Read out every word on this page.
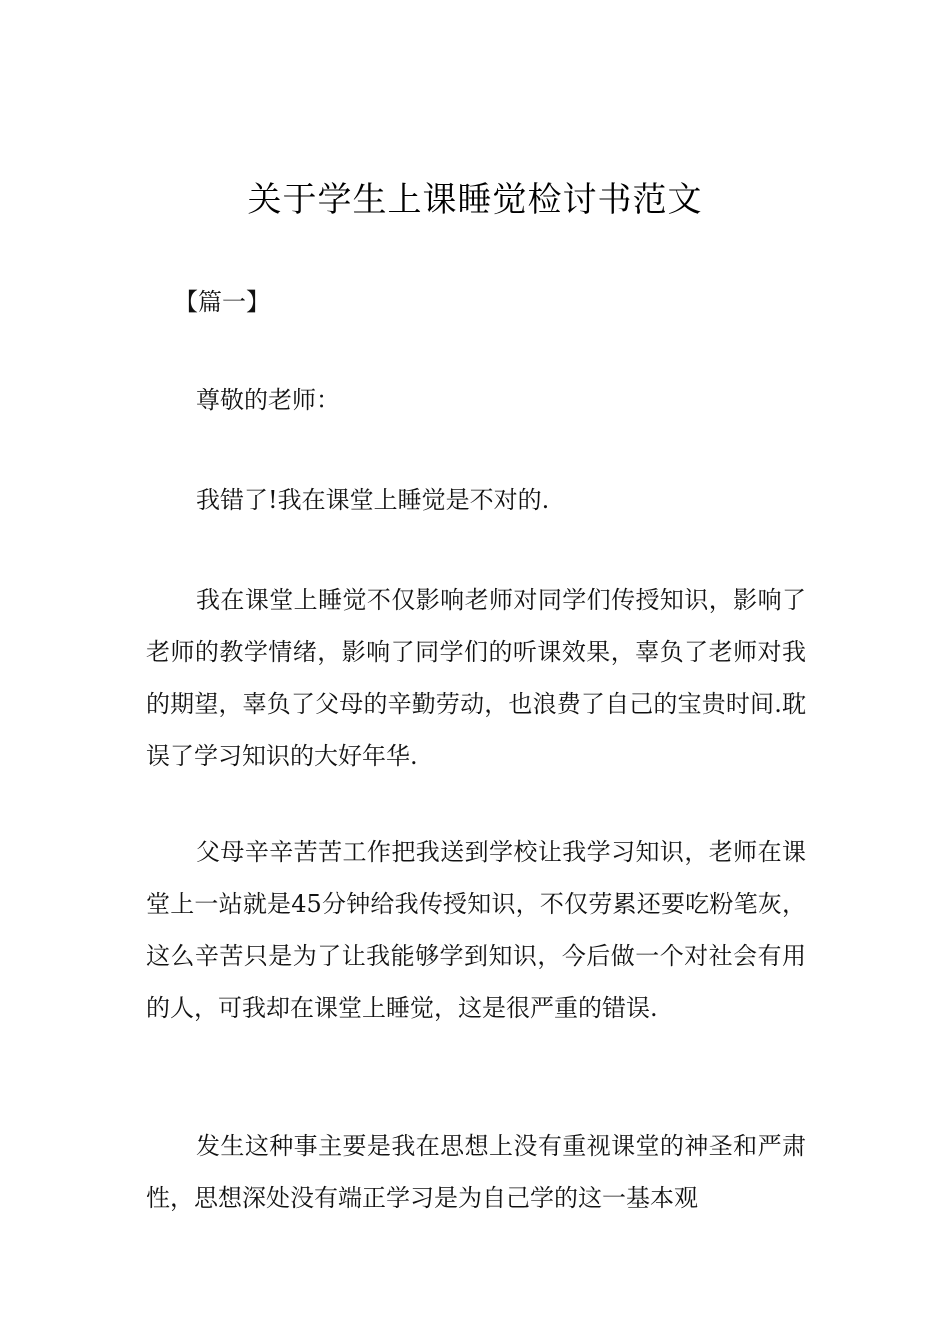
关于学生上课睡觉检讨书范文
【篇一】
尊敬的老师：
我错了!我在课堂上睡觉是不对的.
我在课堂上睡觉不仅影响老师对同学们传授知识，影响了老师的教学情绪，影响了同学们的听课效果，辜负了老师对我的期望，辜负了父母的辛勤劳动，也浪费了自己的宝贵时间.耽误了学习知识的大好年华.
父母辛辛苦苦工作把我送到学校让我学习知识，老师在课堂上一站就是45分钟给我传授知识，不仅劳累还要吃粉笔灰，这么辛苦只是为了让我能够学到知识，今后做一个对社会有用的人，可我却在课堂上睡觉，这是很严重的错误.
发生这种事主要是我在思想上没有重视课堂的神圣和严肃性，思想深处没有端正学习是为自己学的这一基本观
